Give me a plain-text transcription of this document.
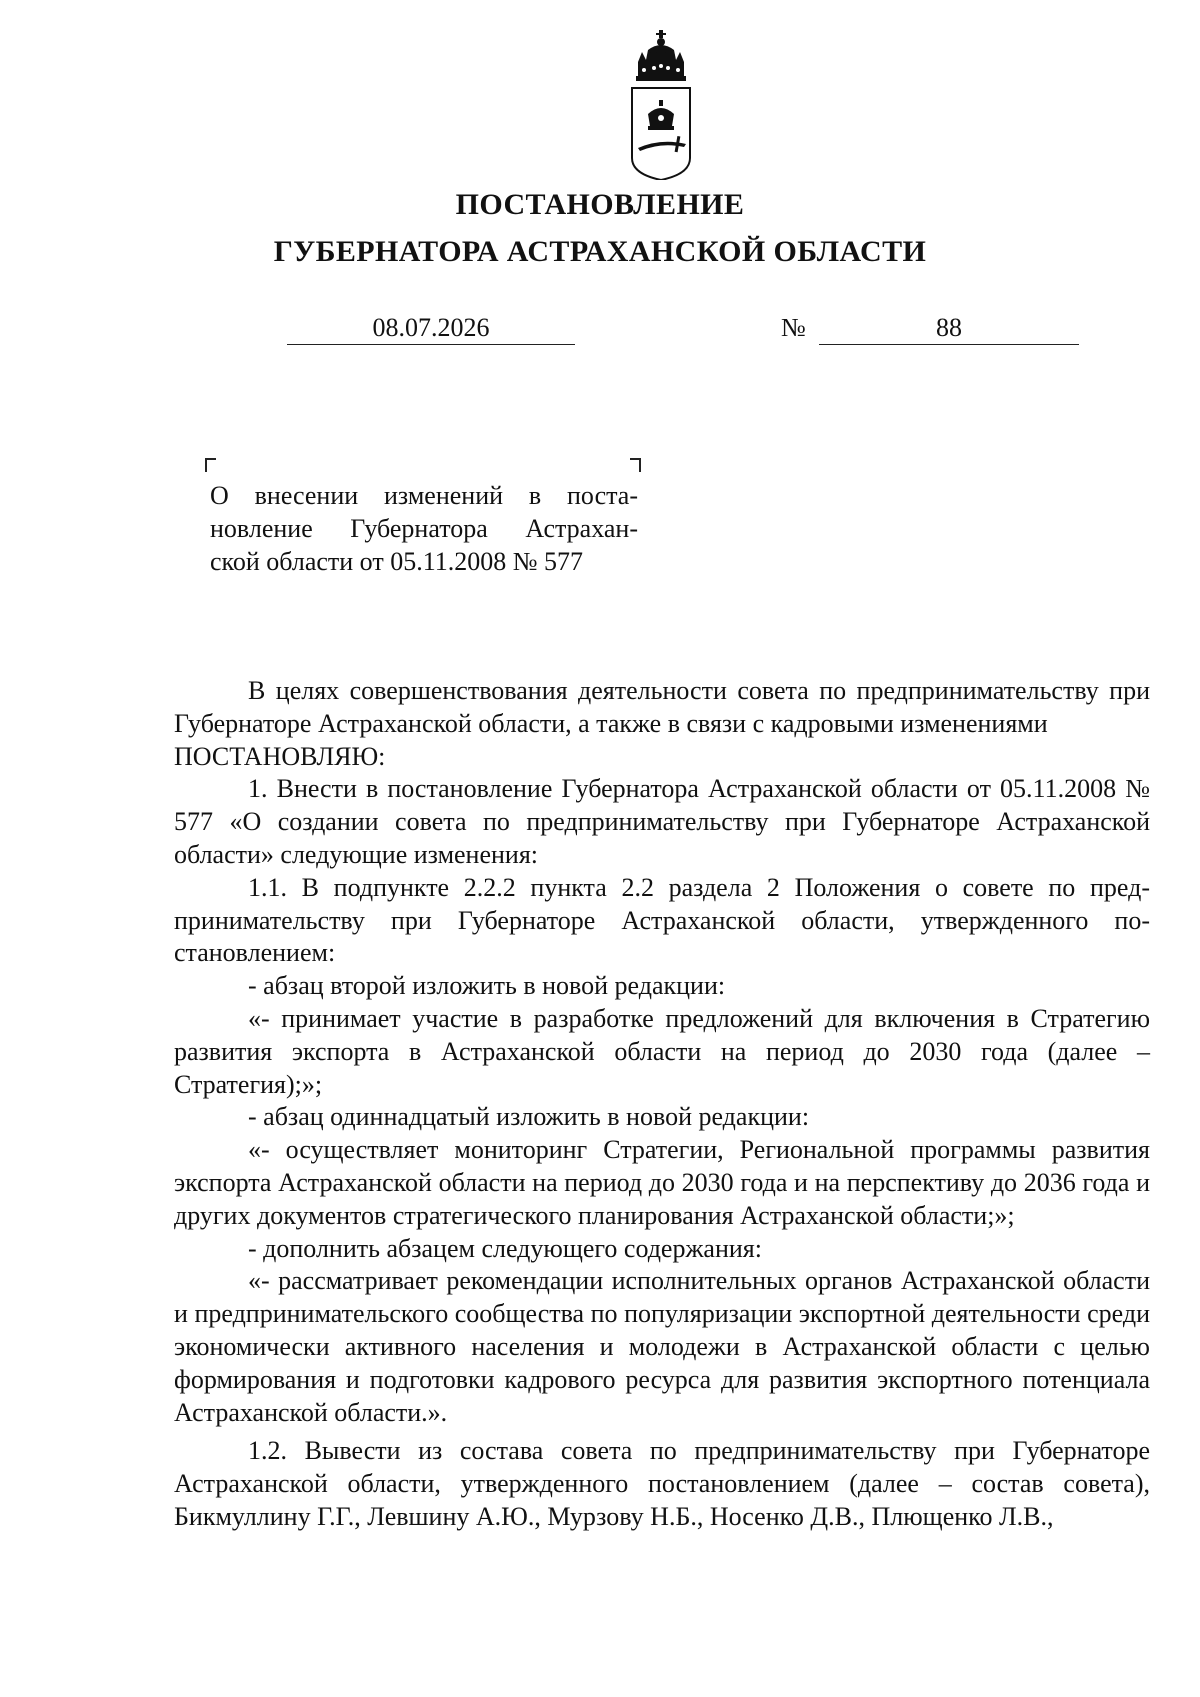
ПОСТАНОВЛЕНИЕ
ГУБЕРНАТОРА АСТРАХАНСКОЙ ОБЛАСТИ
08.07.2026	№	88
О внесении изменений в поста-
новление Губернатора Астрахан-
ской области от 05.11.2008 № 577

В целях совершенствования деятельности совета по предпринимательству при Губернаторе Астраханской области, а также в связи с кадровыми изменениями

ПОСТАНОВЛЯЮ:

1. Внести в постановление Губернатора Астраханской области от 05.11.2008 № 577 «О создании совета по предпринимательству при Губернаторе Астраханской области» следующие изменения:

1.1. В подпункте 2.2.2 пункта 2.2 раздела 2 Положения о совете по предпринимательству при Губернаторе Астраханской области, утвержденного постановлением:

- абзац второй изложить в новой редакции:

«- принимает участие в разработке предложений для включения в Стратегию развития экспорта в Астраханской области на период до 2030 года (далее – Стратегия);»;

- абзац одиннадцатый изложить в новой редакции:

«- осуществляет мониторинг Стратегии, Региональной программы развития экспорта Астраханской области на период до 2030 года и на перспективу до 2036 года и других документов стратегического планирования Астраханской области;»;

- дополнить абзацем следующего содержания:

«- рассматривает рекомендации исполнительных органов Астраханской области и предпринимательского сообщества по популяризации экспортной деятельности среди экономически активного населения и молодежи в Астраханской области с целью формирования и подготовки кадрового ресурса для развития экспортного потенциала Астраханской области.».

1.2. Вывести из состава совета по предпринимательству при Губернаторе Астраханской области, утвержденного постановлением (далее – состав совета), Бикмуллину Г.Г., Левшину А.Ю., Мурзову Н.Б., Носенко Д.В., Плющенко Л.В.,
